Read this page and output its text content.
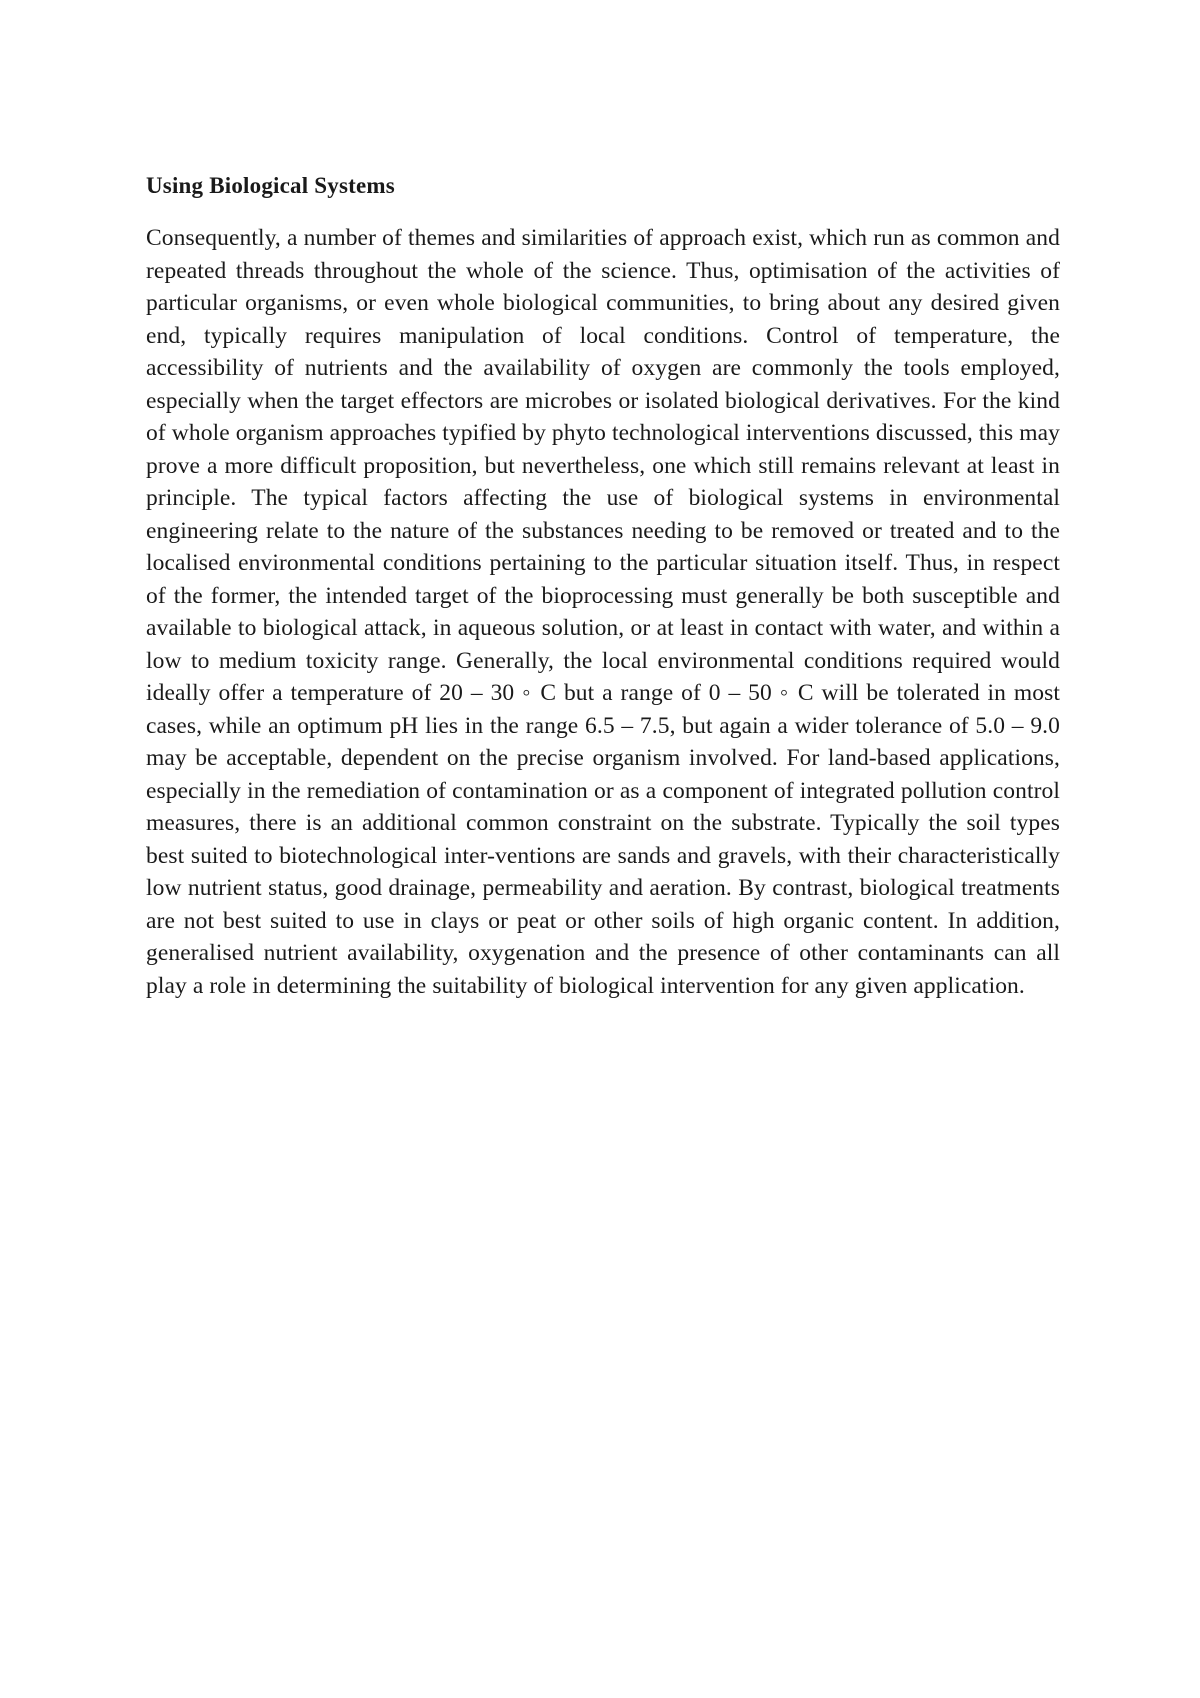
Using Biological Systems

Consequently, a number of themes and similarities of approach exist, which run as common and repeated threads throughout the whole of the science. Thus, optimisation of the activities of particular organisms, or even whole biological communities, to bring about any desired given end, typically requires manipulation of local conditions. Control of temperature, the accessibility of nutrients and the availability of oxygen are commonly the tools employed, especially when the target effectors are microbes or isolated biological derivatives. For the kind of whole organism approaches typified by phyto technological interventions discussed, this may prove a more difficult proposition, but nevertheless, one which still remains relevant at least in principle. The typical factors affecting the use of biological systems in environmental engineering relate to the nature of the substances needing to be removed or treated and to the localised environmental conditions pertaining to the particular situation itself. Thus, in respect of the former, the intended target of the bioprocessing must generally be both susceptible and available to biological attack, in aqueous solution, or at least in contact with water, and within a low to medium toxicity range. Generally, the local environmental conditions required would ideally offer a temperature of 20 – 30 ◦ C but a range of 0 – 50 ◦ C will be tolerated in most cases, while an optimum pH lies in the range 6.5 – 7.5, but again a wider tolerance of 5.0 – 9.0 may be acceptable, dependent on the precise organism involved. For land-based applications, especially in the remediation of contamination or as a component of integrated pollution control measures, there is an additional common constraint on the substrate. Typically the soil types best suited to biotechnological inter-ventions are sands and gravels, with their characteristically low nutrient status, good drainage, permeability and aeration. By contrast, biological treatments are not best suited to use in clays or peat or other soils of high organic content. In addition, generalised nutrient availability, oxygenation and the presence of other contaminants can all play a role in determining the suitability of biological intervention for any given application.
